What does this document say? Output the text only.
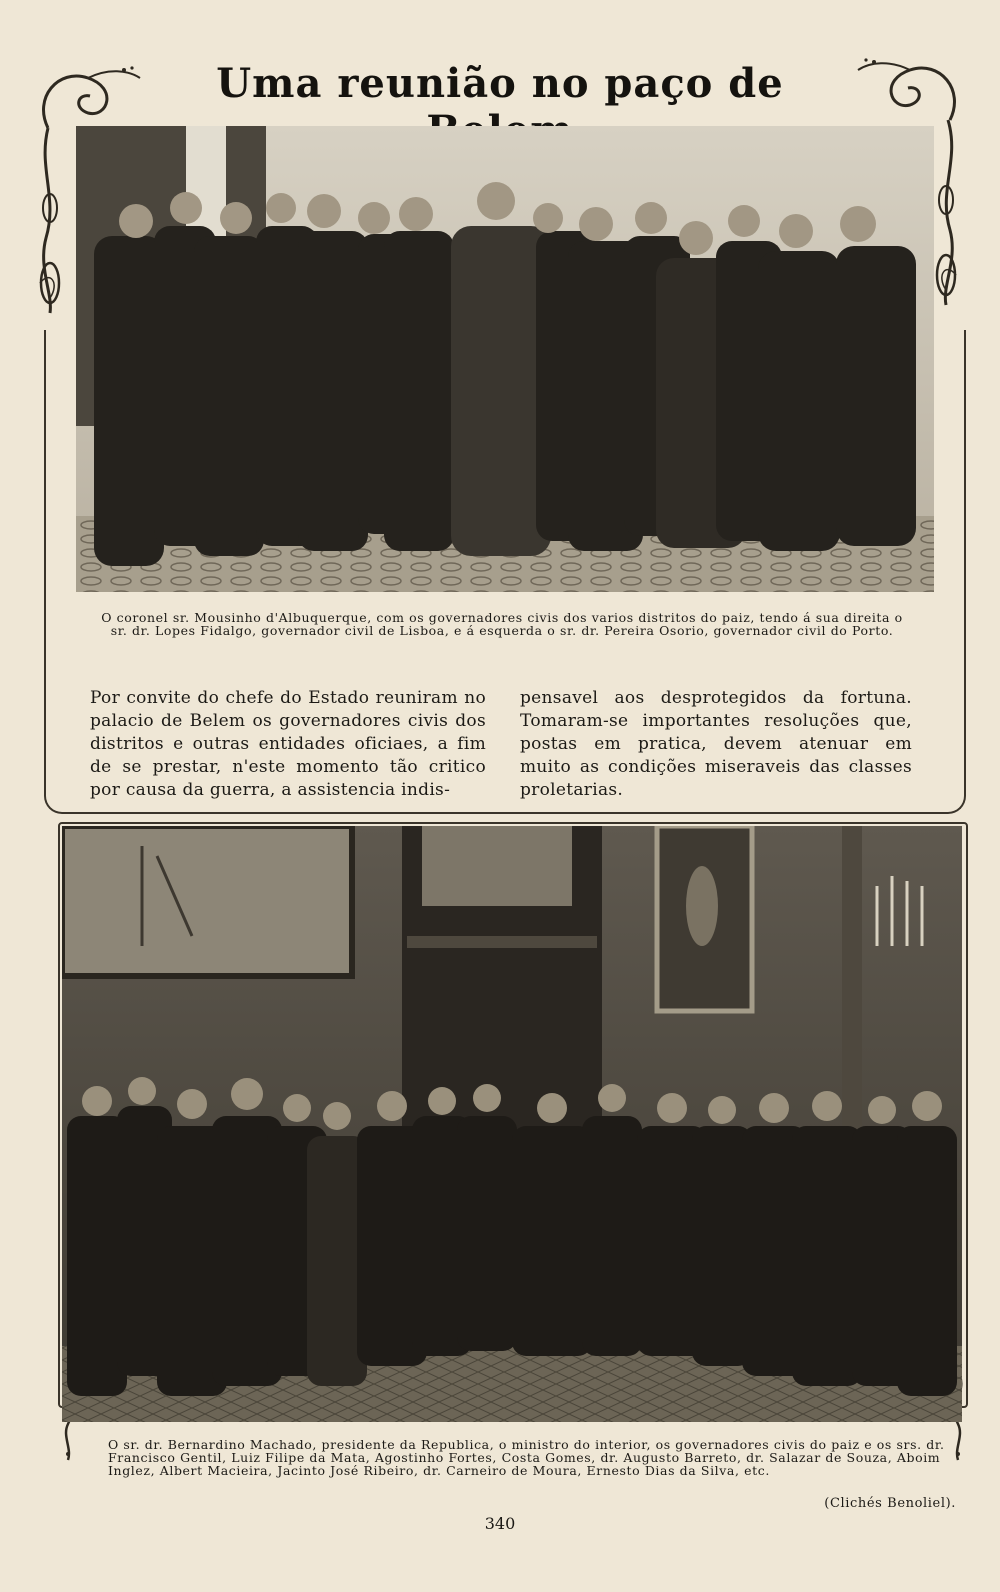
Uma reunião no paço de
O coronel sr. Mousinho d'Albuquerque, com os governadores civis dos varios distritos do paiz, tendo á sua direita o sr. dr. Lopes Fidalgo, governador civil de Lisboa, e á esquerda o sr. dr. Pereira Osorio, governador civil do Porto.
Por convite do chefe do Estado reuniram no palacio de Belem os governadores civis dos distritos e outras entidades oficiaes, a fim de se prestar, n'este momento tão critico por causa da guerra, a assistencia indis-
pensavel aos desprotegidos da fortuna. Tomaram-se importantes resoluções que, postas em pratica, devem atenuar em muito as condições miseraveis das classes proletarias.
O sr. dr. Bernardino Machado, presidente da Republica, o ministro do interior, os governadores civis do paiz e os srs. dr. Francisco Gentil, Luiz Filipe da Mata, Agostinho Fortes, Costa Gomes, dr. Augusto Barreto, dr. Salazar de Souza, Aboim Inglez, Albert Macieira, Jacinto José Ribeiro, dr. Carneiro de Moura, Ernesto Dias da Silva, etc.
(Clichés Benoliel).
340
